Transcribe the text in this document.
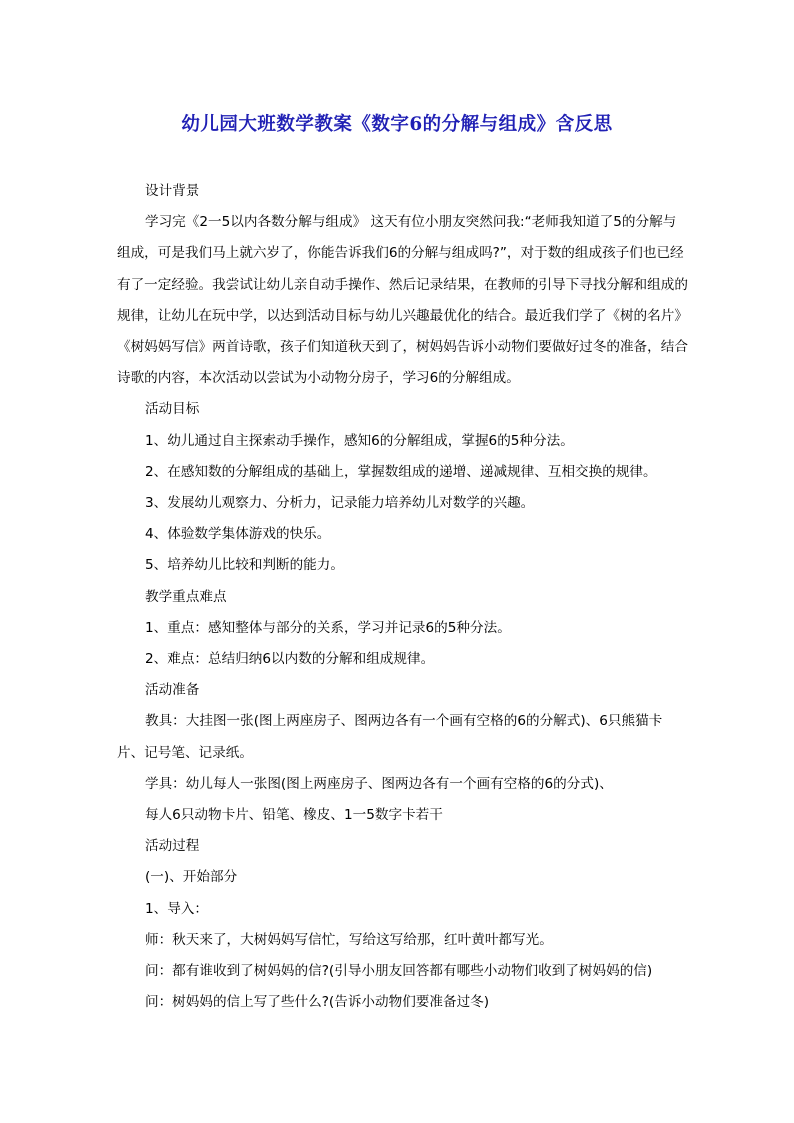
幼儿园大班数学教案《数字6的分解与组成》含反思

设计背景

学习完《2一5以内各数分解与组成》 这天有位小朋友突然问我:“老师我知道了5的分解与组成，可是我们马上就六岁了，你能告诉我们6的分解与组成吗?”，对于数的组成孩子们也已经有了一定经验。我尝试让幼儿亲自动手操作、然后记录结果，在教师的引导下寻找分解和组成的规律，让幼儿在玩中学，以达到活动目标与幼儿兴趣最优化的结合。最近我们学了《树的名片》《树妈妈写信》两首诗歌，孩子们知道秋天到了，树妈妈告诉小动物们要做好过冬的准备，结合诗歌的内容，本次活动以尝试为小动物分房子，学习6的分解组成。

活动目标

1、幼儿通过自主探索动手操作，感知6的分解组成，掌握6的5种分法。

2、在感知数的分解组成的基础上，掌握数组成的递增、递减规律、互相交换的规律。

3、发展幼儿观察力、分析力，记录能力培养幼儿对数学的兴趣。

4、体验数学集体游戏的快乐。

5、培养幼儿比较和判断的能力。

教学重点难点

1、重点：感知整体与部分的关系，学习并记录6的5种分法。

2、难点：总结归纳6以内数的分解和组成规律。

活动准备

教具：大挂图一张(图上两座房子、图两边各有一个画有空格的6的分解式)、6只熊猫卡片、记号笔、记录纸。

学具：幼儿每人一张图(图上两座房子、图两边各有一个画有空格的6的分式)、

每人6只动物卡片、铅笔、橡皮、1一5数字卡若干

活动过程

(一)、开始部分

1、导入：

师：秋天来了，大树妈妈写信忙，写给这写给那，红叶黄叶都写光。

问：都有谁收到了树妈妈的信?(引导小朋友回答都有哪些小动物们收到了树妈妈的信)

问：树妈妈的信上写了些什么?(告诉小动物们要准备过冬)
